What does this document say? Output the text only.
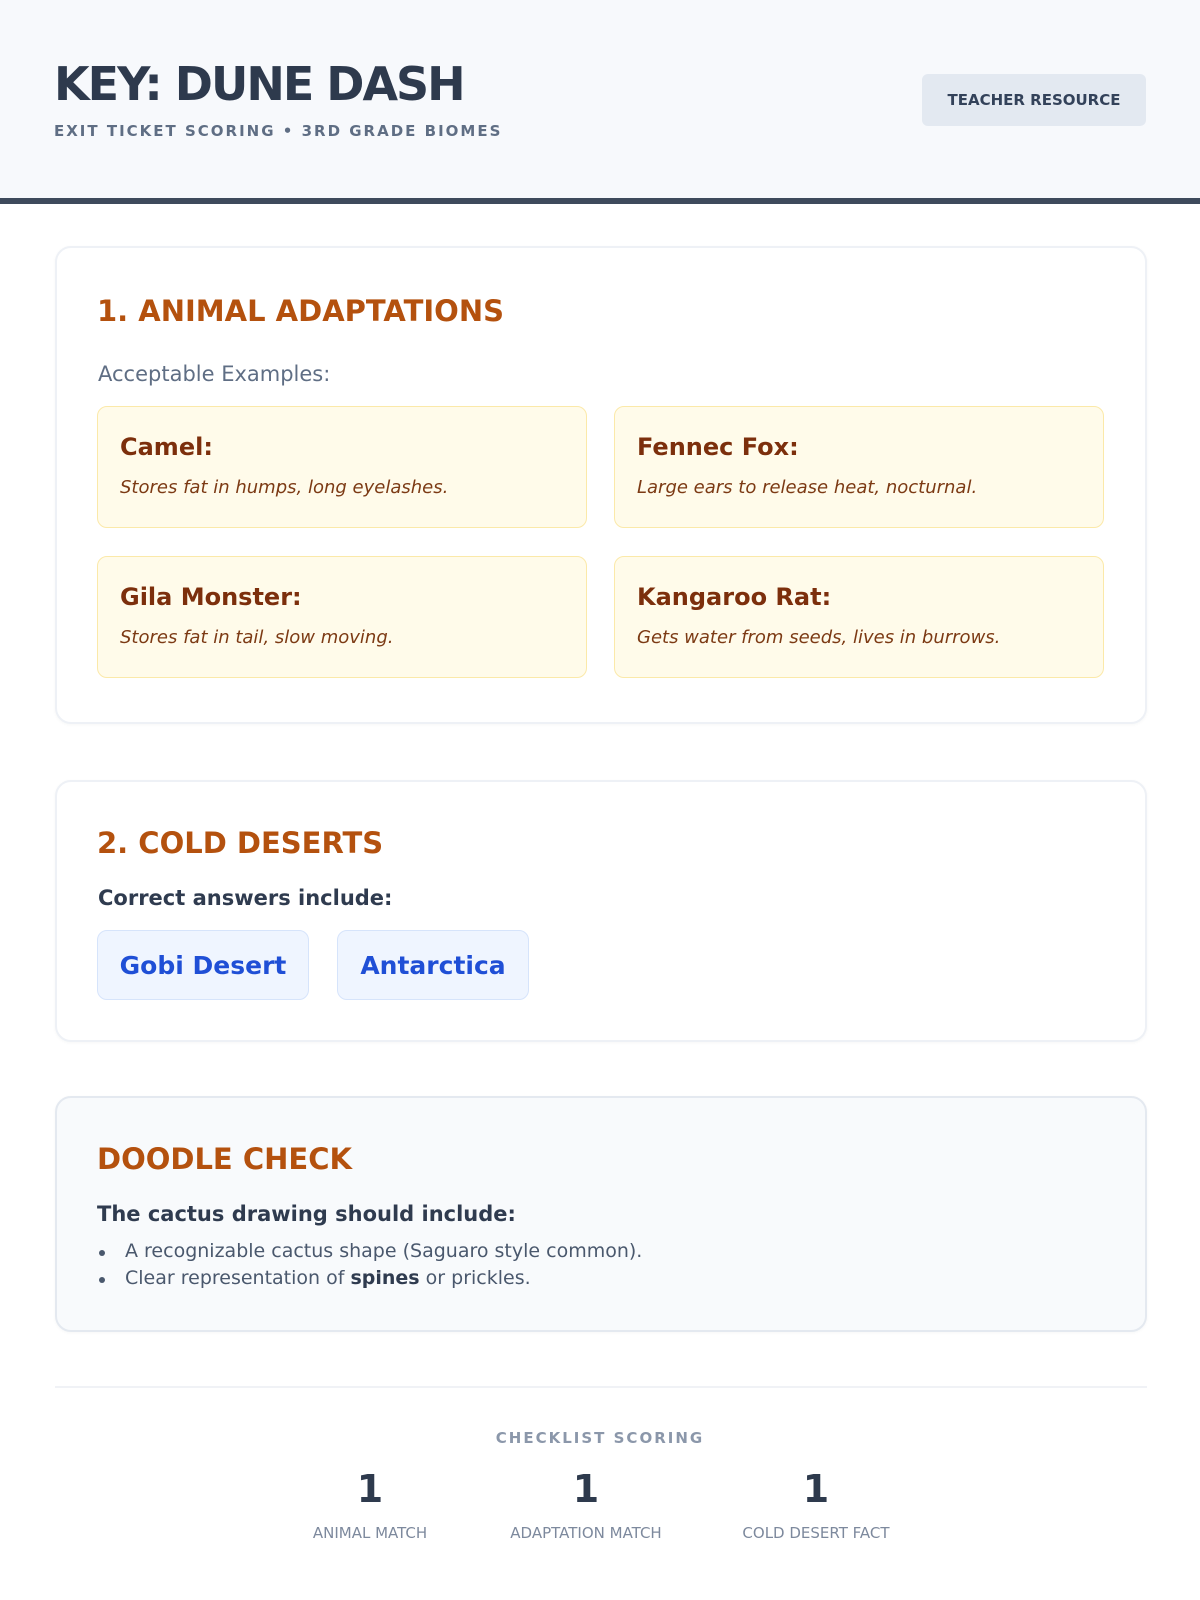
KEY: DUNE DASH
EXIT TICKET SCORING • 3RD GRADE BIOMES
TEACHER RESOURCE
1. ANIMAL ADAPTATIONS
Acceptable Examples:
Camel:
Stores fat in humps, long eyelashes.
Fennec Fox:
Large ears to release heat, nocturnal.
Gila Monster:
Stores fat in tail, slow moving.
Kangaroo Rat:
Gets water from seeds, lives in burrows.
2. COLD DESERTS
Correct answers include:
Gobi Desert	Antarctica
DOODLE CHECK
The cactus drawing should include:
A recognizable cactus shape (Saguaro style common).
Clear representation of spines or prickles.
CHECKLIST SCORING
1
ANIMAL MATCH
1
ADAPTATION MATCH
1
COLD DESERT FACT
